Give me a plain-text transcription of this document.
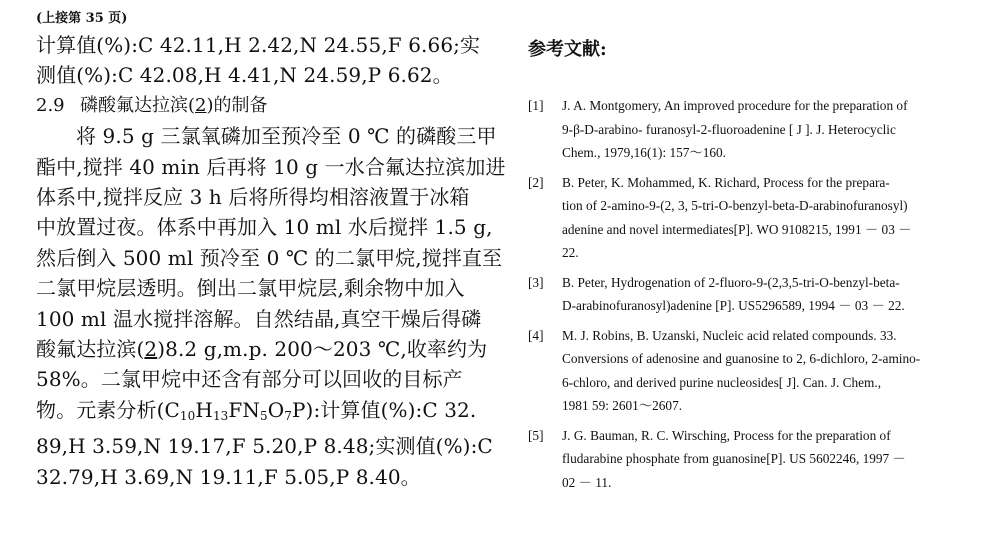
(上接第 35 页)
计算值(%):C 42.11,H 2.42,N 24.55,F 6.66;实
测值(%):C 42.08,H 4.41,N 24.59,P 6.62。
2.9 磷酸氟达拉滨(2)的制备
将 9.5 g 三氯氧磷加至预冷至 0 ℃ 的磷酸三甲
酯中,搅拌 40 min 后再将 10 g 一水合氟达拉滨加进
体系中,搅拌反应 3 h 后将所得均相溶液置于冰箱
中放置过夜。体系中再加入 10 ml 水后搅拌 1.5 g,
然后倒入 500 ml 预冷至 0 ℃ 的二氯甲烷,搅拌直至
二氯甲烷层透明。倒出二氯甲烷层,剩余物中加入
100 ml 温水搅拌溶解。自然结晶,真空干燥后得磷
酸氟达拉滨(2)8.2 g,m.p. 200～203 ℃,收率约为
58%。二氯甲烷中还含有部分可以回收的目标产
物。元素分析(C10H13FN5O7P):计算值(%):C 32.
89,H 3.59,N 19.17,F 5.20,P 8.48;实测值(%):C
32.79,H 3.69,N 19.11,F 5.05,P 8.40。
参考文献:
[1]	J. A. Montgomery, An improved procedure for the preparation of
9-β-D-arabino- furanosyl-2-fluoroadenine [ J ]. J. Heterocyclic
Chem., 1979,16(1): 157～160.
[2]	B. Peter, K. Mohammed, K. Richard, Process for the prepara-
tion of 2-amino-9-(2, 3, 5-tri-O-benzyl-beta-D-arabinofuranosyl)
adenine and novel intermediates[P]. WO 9108215, 1991 － 03 －
22.
[3]	B. Peter, Hydrogenation of 2-fluoro-9-(2,3,5-tri-O-benzyl-beta-
D-arabinofuranosyl)adenine [P]. US5296589, 1994 － 03 － 22.
[4]	M. J. Robins, B. Uzanski, Nucleic acid related compounds. 33.
Conversions of adenosine and guanosine to 2, 6-dichloro, 2-amino-
6-chloro, and derived purine nucleosides[ J]. Can. J. Chem.,
1981 59: 2601～2607.
[5]	J. G. Bauman, R. C. Wirsching, Process for the preparation of
fludarabine phosphate from guanosine[P]. US 5602246, 1997 －
02 － 11.
